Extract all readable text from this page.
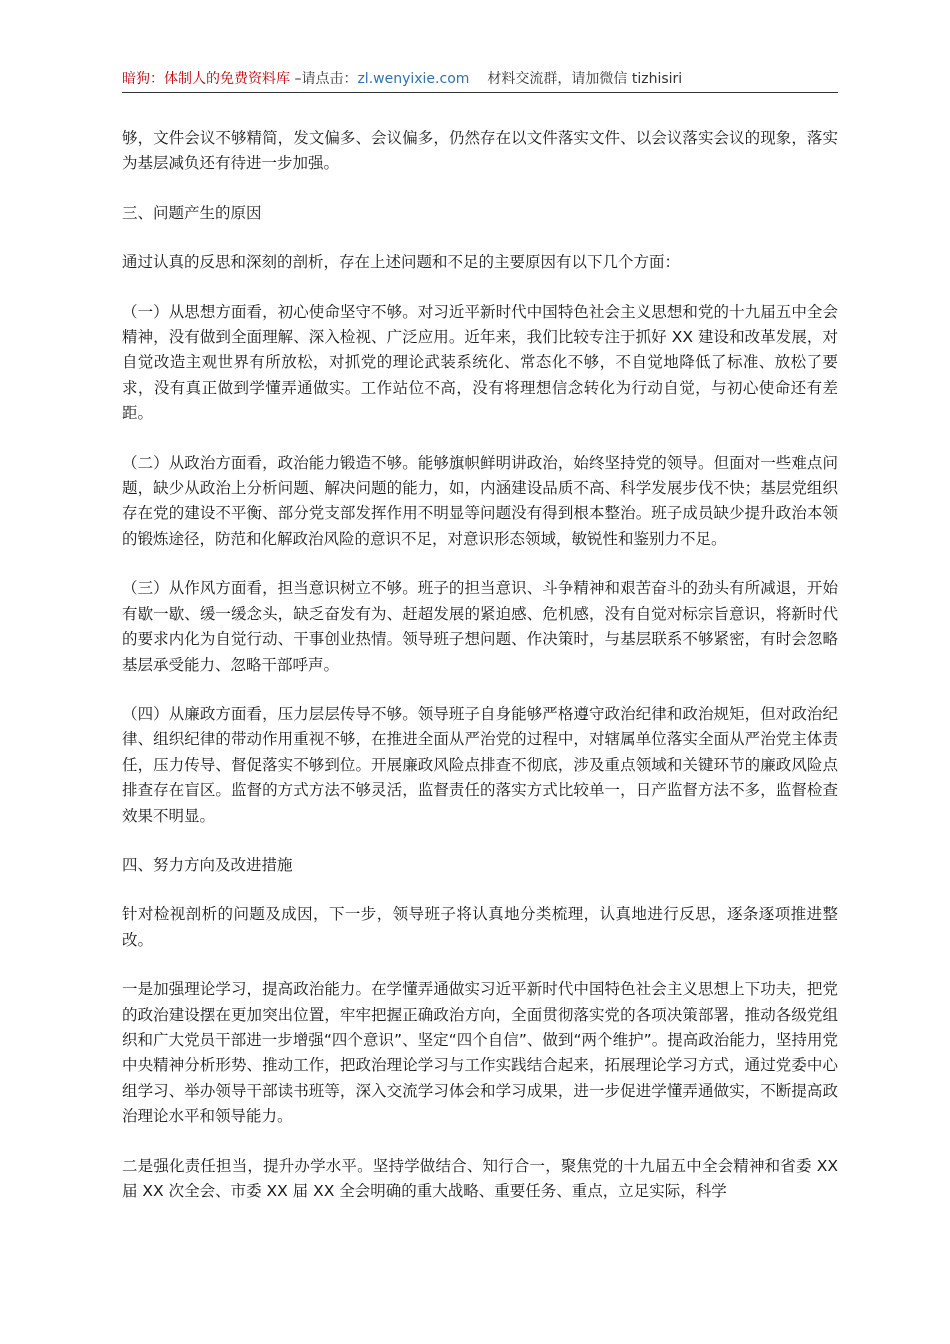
暗狗：体制人的免费资料库 –请点击：zl.wenyixie.com 材料交流群，请加微信 tizhisiri

够，文件会议不够精简，发文偏多、会议偏多，仍然存在以文件落实文件、以会议落实会议的现象，落实为基层减负还有待进一步加强。

三、问题产生的原因

通过认真的反思和深刻的剖析，存在上述问题和不足的主要原因有以下几个方面：

（一）从思想方面看，初心使命坚守不够。对习近平新时代中国特色社会主义思想和党的十九届五中全会精神，没有做到全面理解、深入检视、广泛应用。近年来，我们比较专注于抓好 XX 建设和改革发展，对自觉改造主观世界有所放松，对抓党的理论武装系统化、常态化不够，不自觉地降低了标准、放松了要求，没有真正做到学懂弄通做实。工作站位不高，没有将理想信念转化为行动自觉，与初心使命还有差距。

（二）从政治方面看，政治能力锻造不够。能够旗帜鲜明讲政治，始终坚持党的领导。但面对一些难点问题，缺少从政治上分析问题、解决问题的能力，如，内涵建设品质不高、科学发展步伐不快；基层党组织存在党的建设不平衡、部分党支部发挥作用不明显等问题没有得到根本整治。班子成员缺少提升政治本领的锻炼途径，防范和化解政治风险的意识不足，对意识形态领域，敏锐性和鉴别力不足。

（三）从作风方面看，担当意识树立不够。班子的担当意识、斗争精神和艰苦奋斗的劲头有所减退，开始有歇一歇、缓一缓念头，缺乏奋发有为、赶超发展的紧迫感、危机感，没有自觉对标宗旨意识，将新时代的要求内化为自觉行动、干事创业热情。领导班子想问题、作决策时，与基层联系不够紧密，有时会忽略基层承受能力、忽略干部呼声。

（四）从廉政方面看，压力层层传导不够。领导班子自身能够严格遵守政治纪律和政治规矩，但对政治纪律、组织纪律的带动作用重视不够，在推进全面从严治党的过程中，对辖属单位落实全面从严治党主体责任，压力传导、督促落实不够到位。开展廉政风险点排查不彻底，涉及重点领域和关键环节的廉政风险点排查存在盲区。监督的方式方法不够灵活，监督责任的落实方式比较单一，日产监督方法不多，监督检查效果不明显。

四、努力方向及改进措施

针对检视剖析的问题及成因，下一步，领导班子将认真地分类梳理，认真地进行反思，逐条逐项推进整改。

一是加强理论学习，提高政治能力。在学懂弄通做实习近平新时代中国特色社会主义思想上下功夫，把党的政治建设摆在更加突出位置，牢牢把握正确政治方向，全面贯彻落实党的各项决策部署，推动各级党组织和广大党员干部进一步增强“四个意识”、坚定“四个自信”、做到“两个维护”。提高政治能力，坚持用党中央精神分析形势、推动工作，把政治理论学习与工作实践结合起来，拓展理论学习方式，通过党委中心组学习、举办领导干部读书班等，深入交流学习体会和学习成果，进一步促进学懂弄通做实，不断提高政治理论水平和领导能力。

二是强化责任担当，提升办学水平。坚持学做结合、知行合一，聚焦党的十九届五中全会精神和省委 XX 届 XX 次全会、市委 XX 届 XX 全会明确的重大战略、重要任务、重点，立足实际，科学
